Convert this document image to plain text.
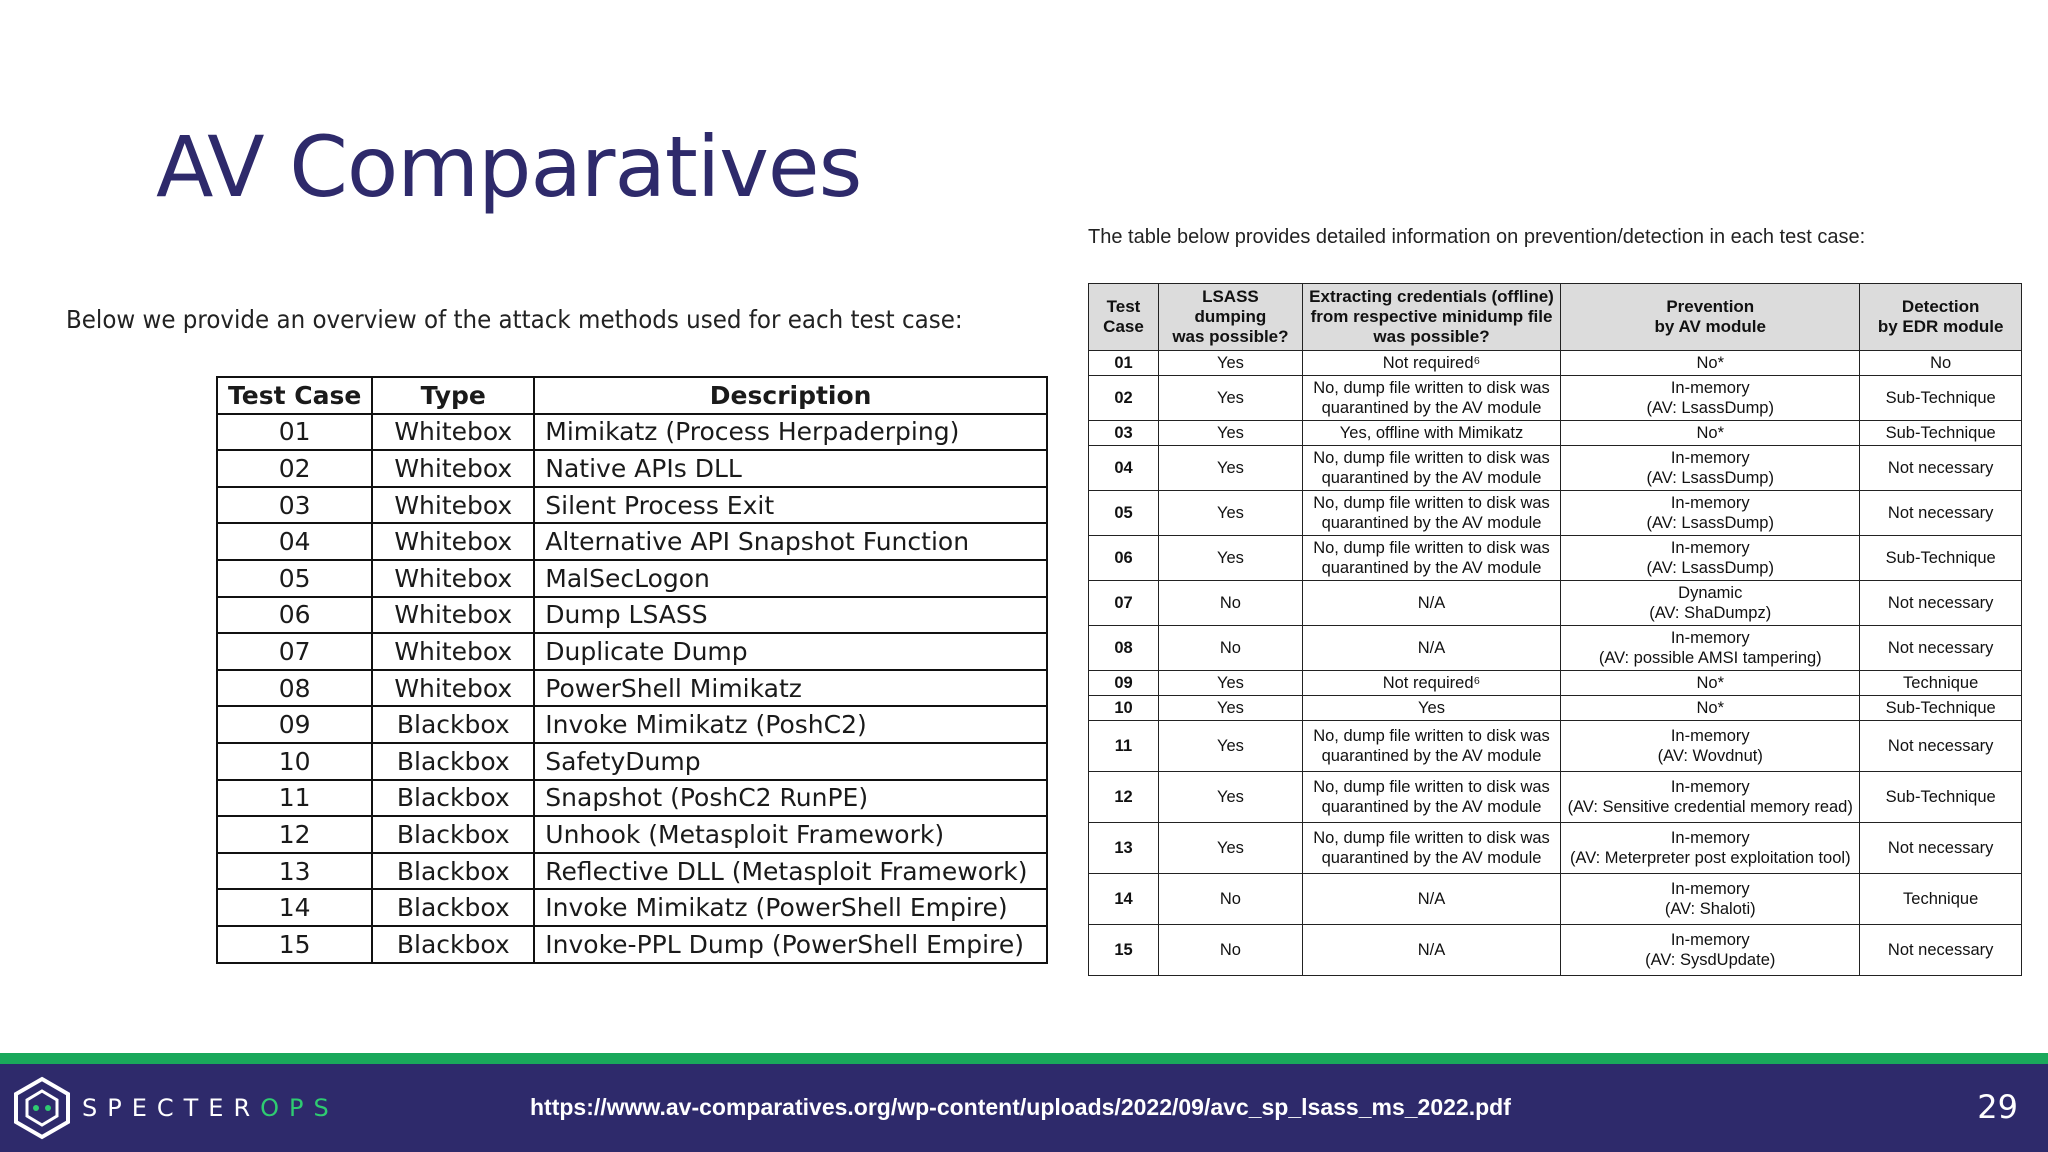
AV Comparatives
Below we provide an overview of the attack methods used for each test case:
Test Case	Type	Description
01	Whitebox	Mimikatz (Process Herpaderping)
02	Whitebox	Native APIs DLL
03	Whitebox	Silent Process Exit
04	Whitebox	Alternative API Snapshot Function
05	Whitebox	MalSecLogon
06	Whitebox	Dump LSASS
07	Whitebox	Duplicate Dump
08	Whitebox	PowerShell Mimikatz
09	Blackbox	Invoke Mimikatz (PoshC2)
10	Blackbox	SafetyDump
11	Blackbox	Snapshot (PoshC2 RunPE)
12	Blackbox	Unhook (Metasploit Framework)
13	Blackbox	Reflective DLL (Metasploit Framework)
14	Blackbox	Invoke Mimikatz (PowerShell Empire)
15	Blackbox	Invoke-PPL Dump (PowerShell Empire)
The table below provides detailed information on prevention/detection in each test case:
Test
Case	LSASS
dumping
was possible?	Extracting credentials (offline)
from respective minidump file
was possible?	Prevention
by AV module	Detection
by EDR module

01	Yes	Not required⁶	No*	No
02	Yes	No, dump file written to disk was
quarantined by the AV module	In-memory
(AV: LsassDump)	Sub-Technique
03	Yes	Yes, offline with Mimikatz	No*	Sub-Technique
04	Yes	No, dump file written to disk was
quarantined by the AV module	In-memory
(AV: LsassDump)	Not necessary
05	Yes	No, dump file written to disk was
quarantined by the AV module	In-memory
(AV: LsassDump)	Not necessary
06	Yes	No, dump file written to disk was
quarantined by the AV module	In-memory
(AV: LsassDump)	Sub-Technique
07	No	N/A	Dynamic
(AV: ShaDumpz)	Not necessary
08	No	N/A	In-memory
(AV: possible AMSI tampering)	Not necessary
09	Yes	Not required⁶	No*	Technique
10	Yes	Yes	No*	Sub-Technique
11	Yes	No, dump file written to disk was
quarantined by the AV module	In-memory
(AV: Wovdnut)	Not necessary
12	Yes	No, dump file written to disk was
quarantined by the AV module	In-memory
(AV: Sensitive credential memory read)	Sub-Technique
13	Yes	No, dump file written to disk was
quarantined by the AV module	In-memory
(AV: Meterpreter post exploitation tool)	Not necessary
14	No	N/A	In-memory
(AV: Shaloti)	Technique
15	No	N/A	In-memory
(AV: SysdUpdate)	Not necessary
SPECTEROPS	https://www.av-comparatives.org/wp-content/uploads/2022/09/avc_sp_lsass_ms_2022.pdf	29
